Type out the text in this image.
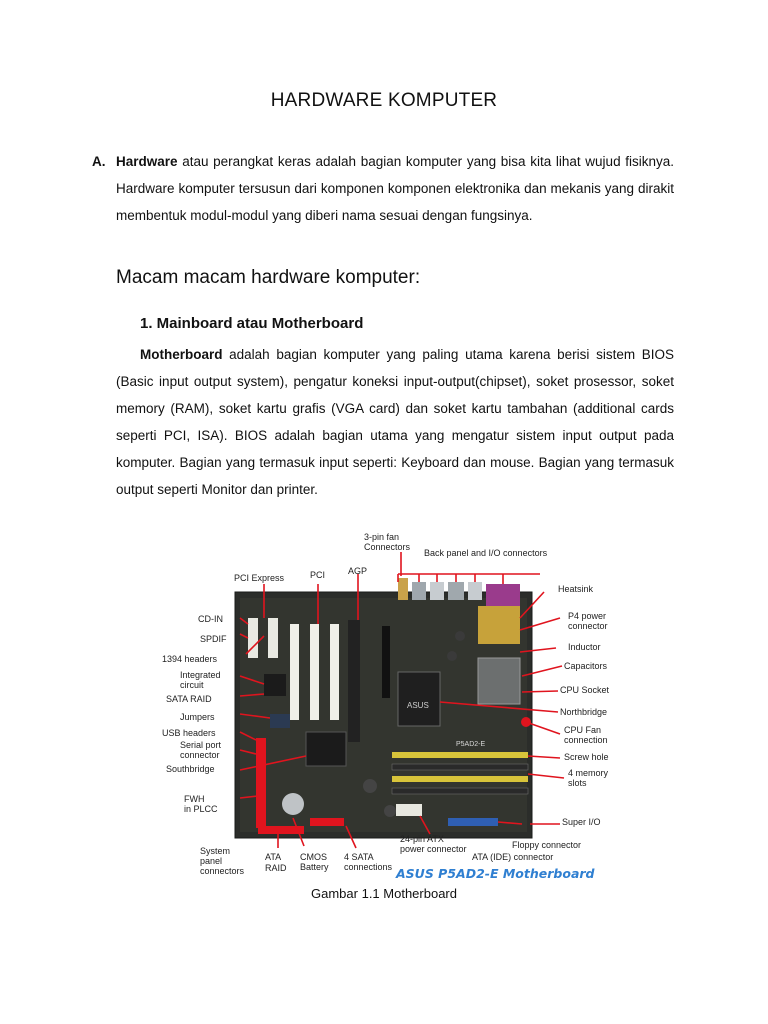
HARDWARE KOMPUTER
A. Hardware atau perangkat keras adalah bagian komputer yang bisa kita lihat wujud fisiknya. Hardware komputer tersusun dari komponen komponen elektronika dan mekanis yang dirakit membentuk modul-modul yang diberi nama sesuai dengan fungsinya.

Macam macam hardware komputer:
1. Mainboard atau Motherboard

Motherboard adalah bagian komputer yang paling utama karena berisi sistem BIOS (Basic input output system), pengatur koneksi input-output(chipset), soket prosessor, soket memory (RAM), soket kartu grafis (VGA card) dan soket kartu tambahan (additional cards seperti PCI, ISA). BIOS adalah bagian utama yang mengatur sistem input output pada komputer. Bagian yang termasuk input seperti: Keyboard dan mouse. Bagian yang termasuk output seperti Monitor dan printer.

ASUS
P5AD2-E
3-pin fan
Connectors
Back panel and I/O connectors
PCI Express	PCI	AGP
Heatsink
P4 power
connector
Inductor
Capacitors
CPU Socket
Northbridge
CPU Fan
connection
Screw hole
4 memory
slots
Super I/O
Floppy connector
ATA (IDE) connector
24-pin ATX
power connector
4 SATA
connections
CMOS
Battery
ATA
RAID
System
panel
connectors
FWH
in PLCC
Southbridge
Serial port
connector
USB headers
Jumpers
SATA RAID
Integrated
circuit
1394 headers
SPDIF
CD-IN
ASUS P5AD2-E Motherboard
Gambar 1.1 Motherboard
